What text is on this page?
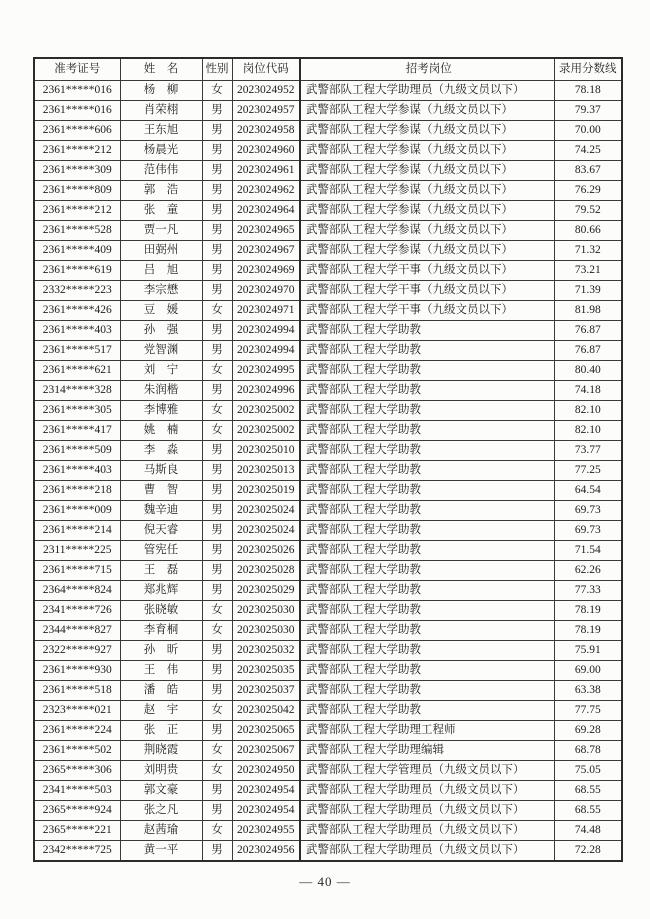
准考证号	姓　名	性别	岗位代码	招考岗位	录用分数线
2361*****016	杨　柳	女	2023024952	武警部队工程大学助理员（九级文员以下）	78.18
2361*****016	肖荣栩	男	2023024957	武警部队工程大学参谋（九级文员以下）	79.37
2361*****606	王东旭	男	2023024958	武警部队工程大学参谋（九级文员以下）	70.00
2361*****212	杨晨光	男	2023024960	武警部队工程大学参谋（九级文员以下）	74.25
2361*****309	范伟伟	男	2023024961	武警部队工程大学参谋（九级文员以下）	83.67
2361*****809	郭　浩	男	2023024962	武警部队工程大学参谋（九级文员以下）	76.29
2361*****212	张　童	男	2023024964	武警部队工程大学参谋（九级文员以下）	79.52
2361*****528	贾一凡	男	2023024965	武警部队工程大学参谋（九级文员以下）	80.66
2361*****409	田弼州	男	2023024967	武警部队工程大学参谋（九级文员以下）	71.32
2361*****619	吕　旭	男	2023024969	武警部队工程大学干事（九级文员以下）	73.21
2332*****223	李宗懋	男	2023024970	武警部队工程大学干事（九级文员以下）	71.39
2361*****426	豆　媛	女	2023024971	武警部队工程大学干事（九级文员以下）	81.98
2361*****403	孙　强	男	2023024994	武警部队工程大学助教	76.87
2361*****517	党智渊	男	2023024994	武警部队工程大学助教	76.87
2361*****621	刘　宁	女	2023024995	武警部队工程大学助教	80.40
2314*****328	朱润楷	男	2023024996	武警部队工程大学助教	74.18
2361*****305	李博雅	女	2023025002	武警部队工程大学助教	82.10
2361*****417	姚　楠	女	2023025002	武警部队工程大学助教	82.10
2361*****509	李　淼	男	2023025010	武警部队工程大学助教	73.77
2361*****403	马斯良	男	2023025013	武警部队工程大学助教	77.25
2361*****218	曹　智	男	2023025019	武警部队工程大学助教	64.54
2361*****009	魏辛迪	男	2023025024	武警部队工程大学助教	69.73
2361*****214	倪天睿	男	2023025024	武警部队工程大学助教	69.73
2311*****225	管宪任	男	2023025026	武警部队工程大学助教	71.54
2361*****715	王　磊	男	2023025028	武警部队工程大学助教	62.26
2364*****824	郑兆辉	男	2023025029	武警部队工程大学助教	77.33
2341*****726	张晓敏	女	2023025030	武警部队工程大学助教	78.19
2344*****827	李育桐	女	2023025030	武警部队工程大学助教	78.19
2322*****927	孙　昕	男	2023025032	武警部队工程大学助教	75.91
2361*****930	王　伟	男	2023025035	武警部队工程大学助教	69.00
2361*****518	潘　皓	男	2023025037	武警部队工程大学助教	63.38
2323*****021	赵　宇	女	2023025042	武警部队工程大学助教	77.75
2361*****224	张　正	男	2023025065	武警部队工程大学助理工程师	69.28
2361*****502	荆晓霞	女	2023025067	武警部队工程大学助理编辑	68.78
2365*****306	刘明贵	女	2023024950	武警部队工程大学管理员（九级文员以下）	75.05
2341*****503	郭文豪	男	2023024954	武警部队工程大学助理员（九级文员以下）	68.55
2365*****924	张之凡	男	2023024954	武警部队工程大学助理员（九级文员以下）	68.55
2365*****221	赵茜瑜	女	2023024955	武警部队工程大学助理员（九级文员以下）	74.48
2342*****725	黄一平	男	2023024956	武警部队工程大学助理员（九级文员以下）	72.28
— 40 —
